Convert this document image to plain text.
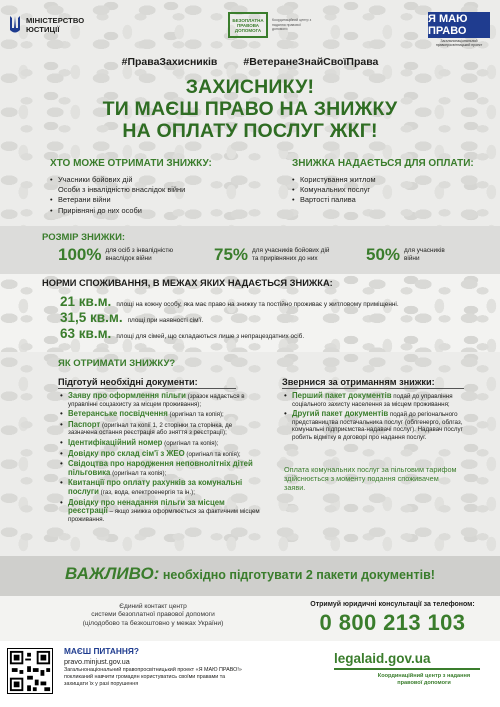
МІНІСТЕРСТВО
ЮСТИЦІЇ
БЕЗОПЛАТНА ПРАВОВА ДОПОМОГА
Координаційний центр з надання правової допомоги
Я МАЮ ПРАВО
Загальнонаціональний правопросвітницький проект
#ПраваЗахисників #ВетеранеЗнайСвоїПрава
ЗАХИСНИКУ!
ТИ МАЄШ ПРАВО НА ЗНИЖКУ
НА ОПЛАТУ ПОСЛУГ ЖКГ!
ХТО МОЖЕ ОТРИМАТИ ЗНИЖКУ:
• Учасники бойових дій
Особи з інвалідністю внаслідок війни
• Ветерани війни
• Прирівняні до них особи
ЗНИЖКА НАДАЄТЬСЯ ДЛЯ ОПЛАТИ:
• Користування житлом
• Комунальних послуг
• Вартості палива
РОЗМІР ЗНИЖКИ:
100% для осіб з інвалідністю
внаслідок війни	75% для учасників бойових дій
та прирівняних до них	50% для учасників
війни
НОРМИ СПОЖИВАННЯ, В МЕЖАХ ЯКИХ НАДАЄТЬСЯ ЗНИЖКА:
21 кв.м. площі на кожну особу, яка має право на знижку та постійно проживає у житловому приміщенні.
31,5 кв.м. площі при наявності сім'ї.
63 кв.м. площі для сімей, що складаються лише з непрацездатних осіб.
ЯК ОТРИМАТИ ЗНИЖКУ?
Підготуй необхідні документи:
• Заяву про оформлення пільги (зразок надається в управлінні соцзахисту за місцем проживання);
• Ветеранське посвідчення (оригінал та копія);
• Паспорт (оригінал та копії 1, 2 сторінки та сторінка, де зазначена остання реєстрація або зняття з реєстрації);
• Ідентифікаційний номер (оригінал та копія);
• Довідку про склад сім'ї з ЖЕО (оригінал та копія);
• Свідоцтва про народження неповнолітніх дітей пільговика (оригінал та копія);
• Квитанції про оплату рахунків за комунальні послуги (газ, вода, електроенергія та ін.);
• Довідку про ненадання пільги за місцем реєстрації – якщо знижка оформлюється за фактичним місцем проживання.
Звернися за отриманням знижки:
• Перший пакет документів подай до управління соціального захисту населення за місцем проживання;
• Другий пакет документів подай до регіонального представництва постачальника послуг (облгенерго, облгаз, комунальні підприємства-надавачі послуг). Надавач послуг робить відмітку в договорі про надання послуг.
Оплата комунальних послуг за пільговим тарифом здійснюється з моменту подання споживачем заяви.
ВАЖЛИВО: необхідно підготувати 2 пакети документів!
Єдиний контакт центр
системи безоплатної правової допомоги
(цілодобово та безкоштовно у межах України)
Отримуй юридичні консультації за телефоном:
0 800 213 103
МАЄШ ПИТАННЯ?
pravo.minjust.gov.ua
Загальнонаціональний правопросвітницький проект «Я МАЮ ПРАВО!» покликаний навчити громадян користуватись своїми правами та захищати їх у разі порушення
legalaid.gov.ua
Координаційний центр з надання правової допомоги
